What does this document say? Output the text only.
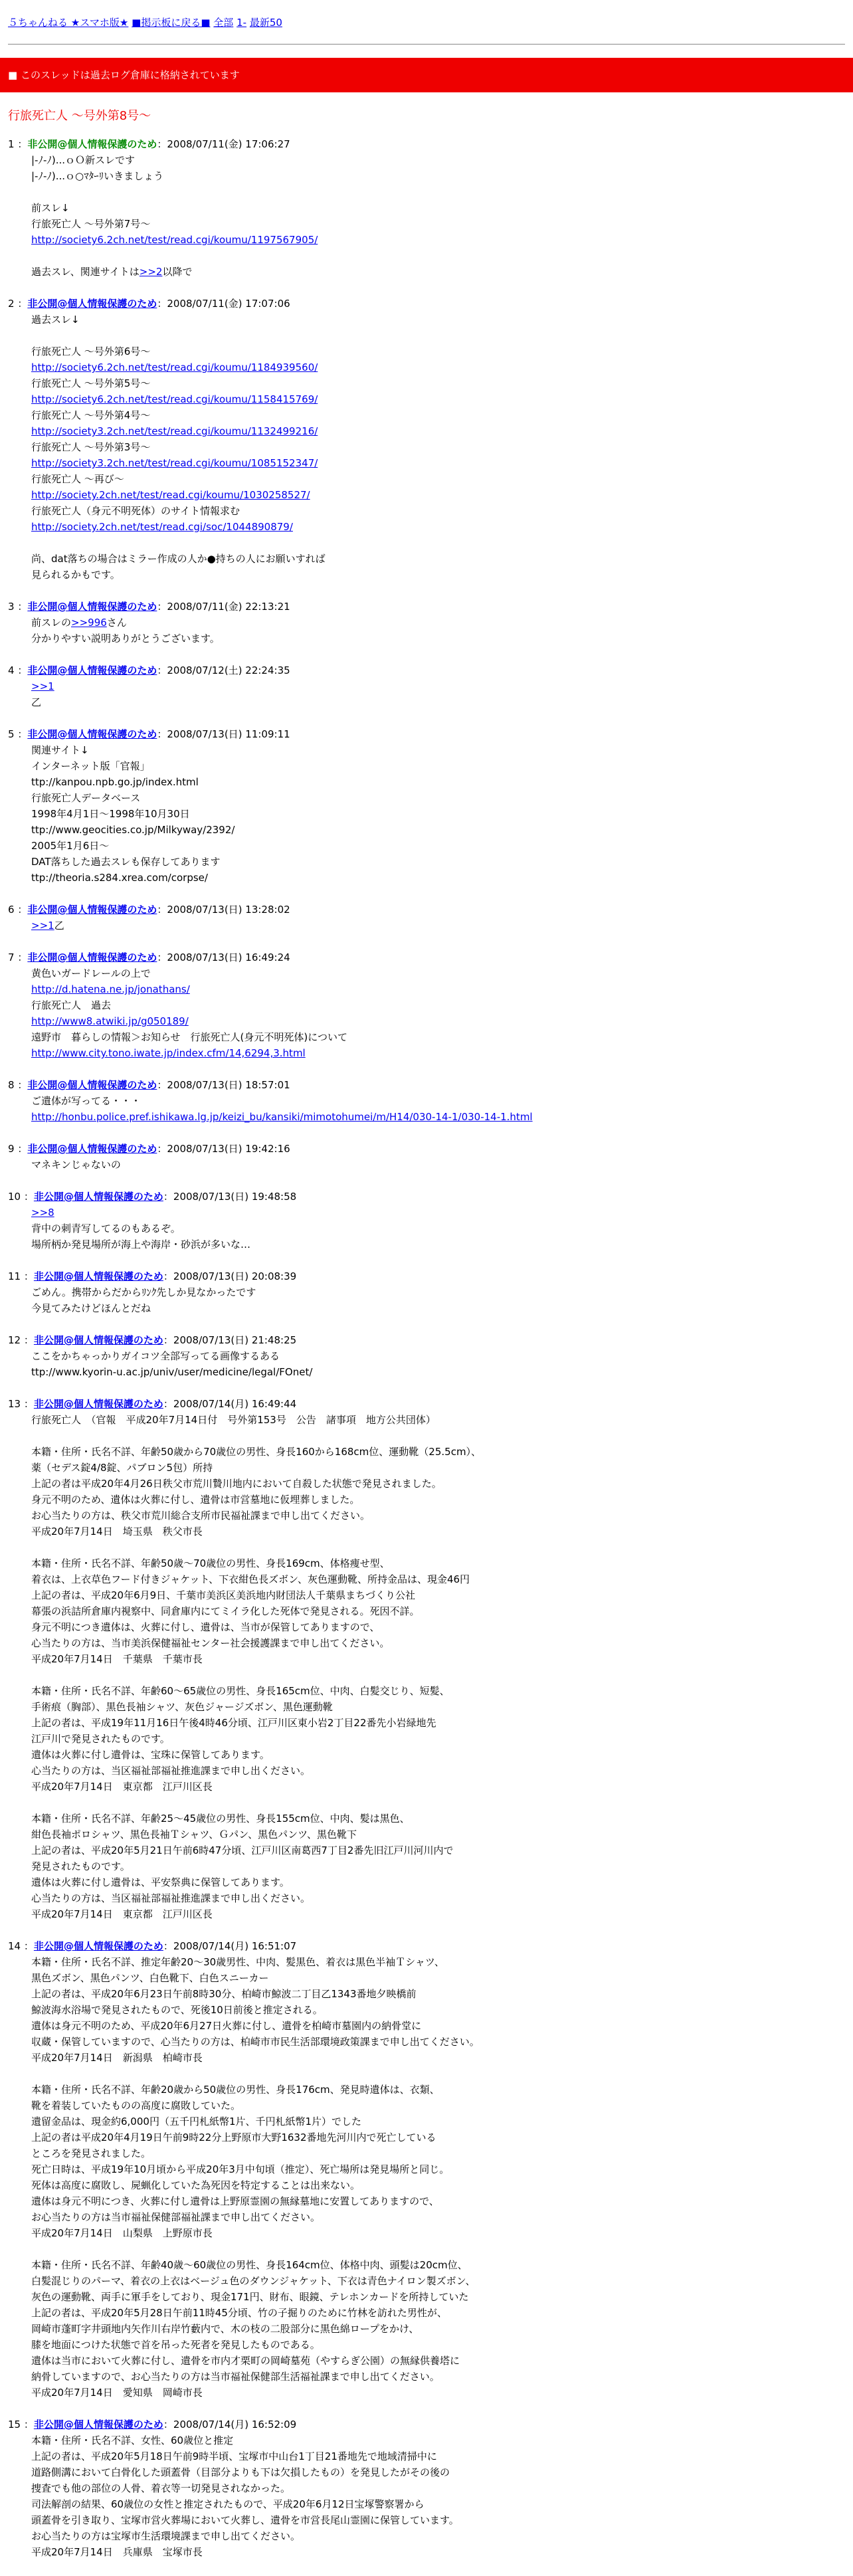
５ちゃんねる ★スマホ版★ ■掲示板に戻る■ 全部 1- 最新50
■ このスレッドは過去ログ倉庫に格納されています
行旅死亡人 〜号外第8号〜
1 ：非公開@個人情報保護のため：2008/07/11(金) 17:06:27
|-ﾉ-ﾉ)...ｏＯ新スレです
|-ﾉ-ﾉ)...ｏ○ﾏﾀｰﾘいきましょう
前スレ↓
行旅死亡人 〜号外第7号〜
http://society6.2ch.net/test/read.cgi/koumu/1197567905/
過去スレ、関連サイトは>>2以降で
2 ：非公開@個人情報保護のため：2008/07/11(金) 17:07:06
過去スレ↓
行旅死亡人 〜号外第6号〜
http://society6.2ch.net/test/read.cgi/koumu/1184939560/
行旅死亡人 〜号外第5号〜
http://society6.2ch.net/test/read.cgi/koumu/1158415769/
行旅死亡人 〜号外第4号〜
http://society3.2ch.net/test/read.cgi/koumu/1132499216/
行旅死亡人 〜号外第3号〜
http://society3.2ch.net/test/read.cgi/koumu/1085152347/
行旅死亡人 〜再び〜
http://society.2ch.net/test/read.cgi/koumu/1030258527/
行旅死亡人（身元不明死体）のサイト情報求む
http://society.2ch.net/test/read.cgi/soc/1044890879/
尚、dat落ちの場合はミラー作成の人か●持ちの人にお願いすれば
見られるかもです。
3 ：非公開@個人情報保護のため：2008/07/11(金) 22:13:21
前スレの>>996さん
分かりやすい説明ありがとうございます。
4 ：非公開@個人情報保護のため：2008/07/12(土) 22:24:35
>>1
乙
5 ：非公開@個人情報保護のため：2008/07/13(日) 11:09:11
関連サイト↓
インターネット版「官報」
ttp://kanpou.npb.go.jp/index.html
行旅死亡人データベース
1998年4月1日〜1998年10月30日
ttp://www.geocities.co.jp/Milkyway/2392/
2005年1月6日〜
DAT落ちした過去スレも保存してあります
ttp://theoria.s284.xrea.com/corpse/
6 ：非公開@個人情報保護のため：2008/07/13(日) 13:28:02
>>1乙
7 ：非公開@個人情報保護のため：2008/07/13(日) 16:49:24
黄色いガードレールの上で
http://d.hatena.ne.jp/jonathans/
行旅死亡人　過去
http://www8.atwiki.jp/g050189/
遠野市　暮らしの情報＞お知らせ　行旅死亡人(身元不明死体)について
http://www.city.tono.iwate.jp/index.cfm/14,6294,3.html
8 ：非公開@個人情報保護のため：2008/07/13(日) 18:57:01
ご遺体が写ってる・・・
http://honbu.police.pref.ishikawa.lg.jp/keizi_bu/kansiki/mimotohumei/m/H14/030-14-1/030-14-1.html
9 ：非公開@個人情報保護のため：2008/07/13(日) 19:42:16
マネキンじゃないの
10 ：非公開@個人情報保護のため：2008/07/13(日) 19:48:58
>>8
背中の刺青写してるのもあるぞ。
場所柄か発見場所が海上や海岸・砂浜が多いな…
11 ：非公開@個人情報保護のため：2008/07/13(日) 20:08:39
ごめん。携帯からだからﾘﾝｸ先しか見なかったです
今見てみたけどほんとだね
12 ：非公開@個人情報保護のため：2008/07/13(日) 21:48:25
ここをかちゃっかりガイコツ全部写ってる画像するある
ttp://www.kyorin-u.ac.jp/univ/user/medicine/legal/FOnet/
13 ：非公開@個人情報保護のため：2008/07/14(月) 16:49:44
行旅死亡人　（官報　平成20年7月14日付　号外第153号　公告　諸事項　地方公共団体）
本籍・住所・氏名不詳、年齢50歳から70歳位の男性、身長160から168cm位、運動靴（25.5cm）、
薬（セデス錠4/8錠、パブロン5包）所持
上記の者は平成20年4月26日秩父市荒川贄川地内において自殺した状態で発見されました。
身元不明のため、遺体は火葬に付し、遺骨は市営墓地に仮埋葬しました。
お心当たりの方は、秩父市荒川総合支所市民福祉課まで申し出てください。
平成20年7月14日　埼玉県　秩父市長
本籍・住所・氏名不詳、年齢50歳〜70歳位の男性、身長169cm、体格痩せ型、
着衣は、上衣草色フード付きジャケット、下衣紺色長ズボン、灰色運動靴、所持金品は、現金46円
上記の者は、平成20年6月9日、千葉市美浜区美浜地内財団法人千葉県まちづくり公社
幕張の浜詰所倉庫内視察中、同倉庫内にてミイラ化した死体で発見される。死因不詳。
身元不明につき遺体は、火葬に付し、遺骨は、当市が保管してありますので、
心当たりの方は、当市美浜保健福祉センター社会援護課まで申し出てください。
平成20年7月14日　千葉県　千葉市長
本籍・住所・氏名不詳、年齢60〜65歳位の男性、身長165cm位、中肉、白髪交じり、短髪、
手術痕（胸部）、黒色長袖シャツ、灰色ジャージズボン、黒色運動靴
上記の者は、平成19年11月16日午後4時46分頃、江戸川区東小岩2丁目22番先小岩緑地先
江戸川で発見されたものです。
遺体は火葬に付し遺骨は、宝珠に保管してあります。
心当たりの方は、当区福祉部福祉推進課まで申し出ください。
平成20年7月14日　東京都　江戸川区長
本籍・住所・氏名不詳、年齢25〜45歳位の男性、身長155cm位、中肉、髪は黒色、
紺色長袖ポロシャツ、黒色長袖Ｔシャツ、Ｇパン、黒色パンツ、黒色靴下
上記の者は、平成20年5月21日午前6時47分頃、江戸川区南葛西7丁目2番先旧江戸川河川内で
発見されたものです。
遺体は火葬に付し遺骨は、平安祭典に保管してあります。
心当たりの方は、当区福祉部福祉推進課まで申し出ください。
平成20年7月14日　東京都　江戸川区長
14 ：非公開@個人情報保護のため：2008/07/14(月) 16:51:07
本籍・住所・氏名不詳、推定年齢20〜30歳男性、中肉、髪黒色、着衣は黒色半袖Ｔシャツ、
黒色ズボン、黒色パンツ、白色靴下、白色スニーカー
上記の者は、平成20年6月23日午前8時30分、柏崎市鯨波二丁目乙1343番地夕映橋前
鯨波海水浴場で発見されたもので、死後10日前後と推定される。
遺体は身元不明のため、平成20年6月27日火葬に付し、遺骨を柏崎市墓園内の納骨堂に
収蔵・保管していますので、心当たりの方は、柏崎市市民生活部環境政策課まで申し出てください。
平成20年7月14日　新潟県　柏崎市長
本籍・住所・氏名不詳、年齢20歳から50歳位の男性、身長176cm、発見時遺体は、衣類、
靴を着装していたものの高度に腐敗していた。
遺留金品は、現金約6,000円（五千円札紙幣1片、千円札紙幣1片）でした
上記の者は平成20年4月19日午前9時22分上野原市大野1632番地先河川内で死亡している
ところを発見されました。
死亡日時は、平成19年10月頃から平成20年3月中旬頃（推定）、死亡場所は発見場所と同じ。
死体は高度に腐敗し、屍蝋化していた為死因を特定することは出来ない。
遺体は身元不明につき、火葬に付し遺骨は上野原霊園の無縁墓地に安置してありますので、
お心当たりの方は当市福祉保健部福祉課まで申し出てください。
平成20年7月14日　山梨県　上野原市長
本籍・住所・氏名不詳、年齢40歳〜60歳位の男性、身長164cm位、体格中肉、頭髪は20cm位、
白髪混じりのパーマ、着衣の上衣はベージュ色のダウンジャケット、下衣は青色ナイロン製ズボン、
灰色の運動靴、両手に軍手をしており、現金171円、財布、眼鏡、テレホンカードを所持していた
上記の者は、平成20年5月28日午前11時45分頃、竹の子掘りのために竹林を訪れた男性が、
岡崎市蓬町字井頭地内矢作川右岸竹藪内で、木の枝の二股部分に黒色綿ロープをかけ、
膝を地面につけた状態で首を吊った死者を発見したものである。
遺体は当市において火葬に付し、遺骨を市内才栗町の岡崎墓苑（やすらぎ公園）の無縁供養塔に
納骨していますので、お心当たりの方は当市福祉保健部生活福祉課まで申し出てください。
平成20年7月14日　愛知県　岡崎市長
15 ：非公開@個人情報保護のため：2008/07/14(月) 16:52:09
本籍・住所・氏名不詳、女性、60歳位と推定
上記の者は、平成20年5月18日午前9時半頃、宝塚市中山台1丁目21番地先で地域清掃中に
道路側溝において白骨化した頭蓋骨（目部分よりも下は欠損したもの）を発見したがその後の
捜査でも他の部位の人骨、着衣等一切発見されなかった。
司法解剖の結果、60歳位の女性と推定されたもので、平成20年6月12日宝塚警察署から
頭蓋骨を引き取り、宝塚市営火葬場において火葬し、遺骨を市営長尾山霊園に保管しています。
お心当たりの方は宝塚市生活環境課まで申し出てください。
平成20年7月14日　兵庫県　宝塚市長
